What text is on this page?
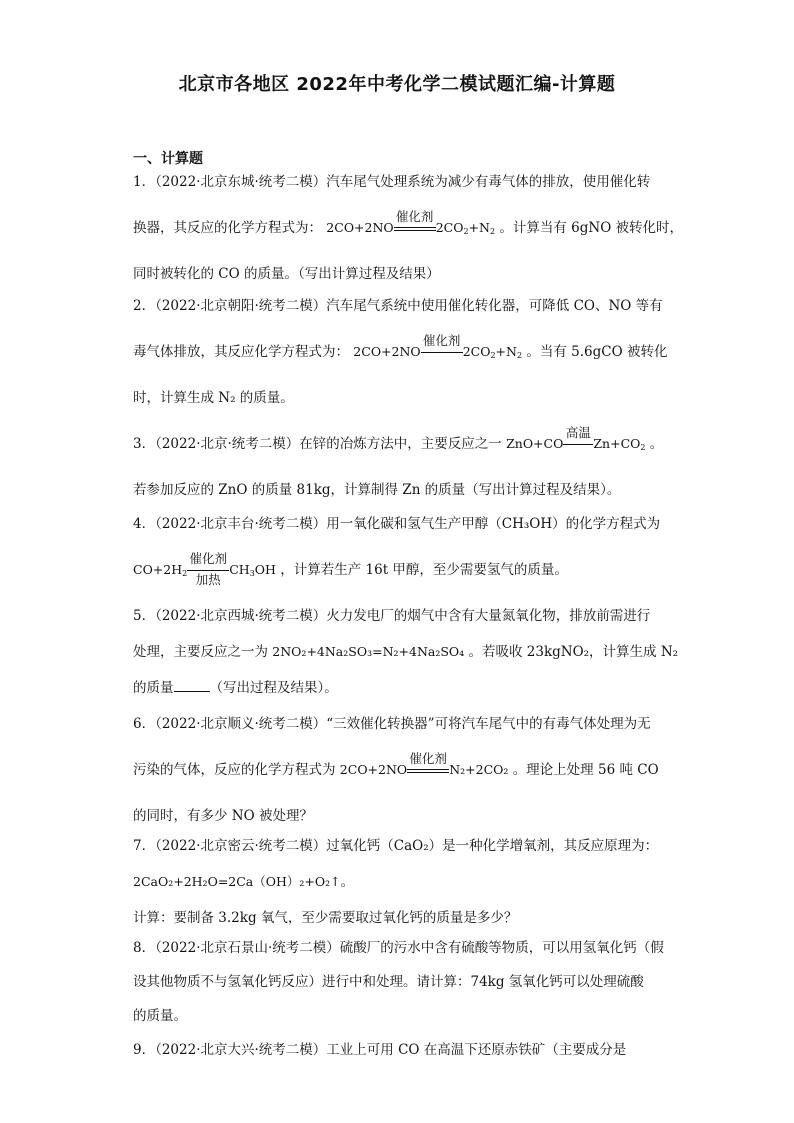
北京市各地区 2022年中考化学二模试题汇编-计算题
一、计算题
1．（2022·北京东城·统考二模）汽车尾气处理系统为减少有毒气体的排放，使用催化转
换器，其反应的化学方程式为： 2CO+2NO
催化剂
$2CO_2+N_2$ 。计算当有 6gNO 被转化时，
同时被转化的 CO 的质量。（写出计算过程及结果）
2．（2022·北京朝阳·统考二模）汽车尾气系统中使用催化转化器，可降低 CO、NO 等有
毒气体排放，其反应化学方程式为： 2CO+2NO
催化剂
$2CO_2+N_2$ 。当有 5.6gCO 被转化
时，计算生成 N₂ 的质量。
3．（2022·北京·统考二模）在锌的冶炼方法中，主要反应之一 ZnO+CO
高温
$Zn+CO_2$ 。
若参加反应的 ZnO 的质量 81kg，计算制得 Zn 的质量（写出计算过程及结果）。
4．（2022·北京丰台·统考二模）用一氧化碳和氢气生产甲醇（CH₃OH）的化学方程式为
$CO+2H_2$
催化剂
加热
$CH_3OH$ ，计算若生产 16t 甲醇，至少需要氢气的质量。
5．（2022·北京西城·统考二模）火力发电厂的烟气中含有大量氮氧化物，排放前需进行
处理，主要反应之一为 2NO₂+4Na₂SO₃=N₂+4Na₂SO₄ 。若吸收 23kgNO₂，计算生成 N₂
的质量	（写出过程及结果）。
6．（2022·北京顺义·统考二模）“三效催化转换器”可将汽车尾气中的有毒气体处理为无
污染的气体，反应的化学方程式为 2CO+2NO
催化剂
N₂+2CO₂ 。理论上处理 56 吨 CO
的同时，有多少 NO 被处理？
7．（2022·北京密云·统考二模）过氧化钙（CaO₂）是一种化学增氧剂，其反应原理为：
2CaO₂+2H₂O=2Ca（OH）₂+O₂↑。
计算：要制备 3.2kg 氧气，至少需要取过氧化钙的质量是多少？
8．（2022·北京石景山·统考二模）硫酸厂的污水中含有硫酸等物质，可以用氢氧化钙（假
设其他物质不与氢氧化钙反应）进行中和处理。请计算：74kg 氢氧化钙可以处理硫酸
的质量。
9．（2022·北京大兴·统考二模）工业上可用 CO 在高温下还原赤铁矿（主要成分是
